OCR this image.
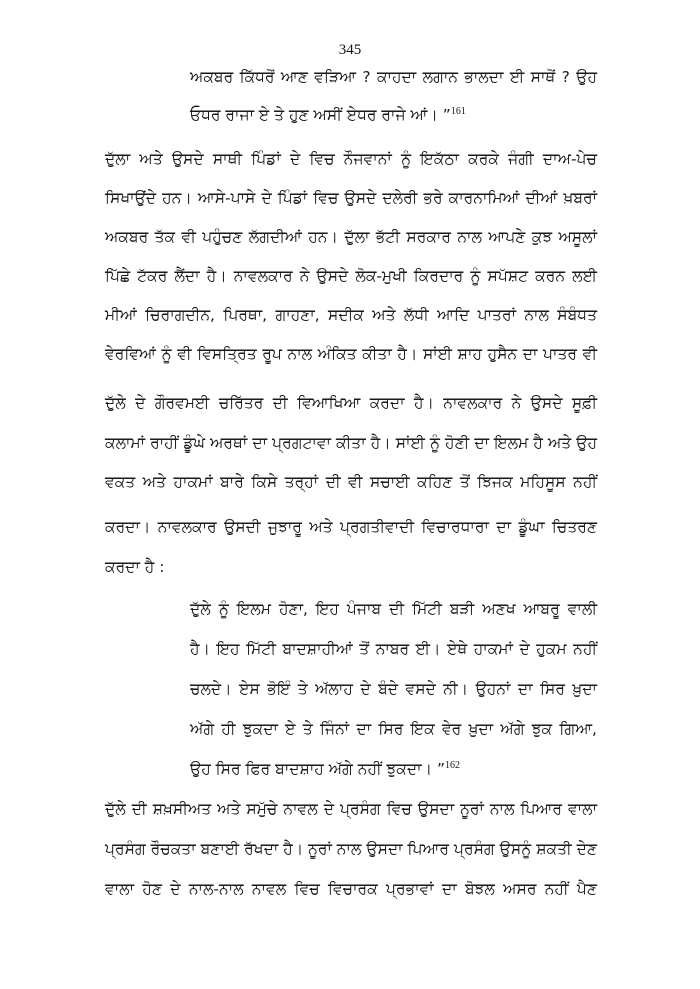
345
ਅਕਬਰ ਕਿੱਧਰੋਂ ਆਣ ਵੜਿਆ ? ਕਾਹਦਾ ਲਗਾਨ ਭਾਲਦਾ ਈ ਸਾਥੋਂ ? ਉਹ
ਓਧਰ ਰਾਜਾ ਏ ਤੇ ਹੁਣ ਅਸੀਂ ਏਧਰ ਰਾਜੇ ਆਂ। ”$^{161}$
ਦੁੱਲਾ ਅਤੇ ਉਸਦੇ ਸਾਥੀ ਪਿੰਡਾਂ ਦੇ ਵਿਚ ਨੌਜਵਾਨਾਂ ਨੂੰ ਇਕੱਠਾ ਕਰਕੇ ਜੰਗੀ ਦਾਅ-ਪੇਚ
ਸਿਖਾਉਂਦੇ ਹਨ। ਆਸੇ-ਪਾਸੇ ਦੇ ਪਿੰਡਾਂ ਵਿਚ ਉਸਦੇ ਦਲੇਰੀ ਭਰੇ ਕਾਰਨਾਮਿਆਂ ਦੀਆਂ ਖ਼ਬਰਾਂ
ਅਕਬਰ ਤੱਕ ਵੀ ਪਹੁੰਚਣ ਲੱਗਦੀਆਂ ਹਨ। ਦੁੱਲਾ ਭੱਟੀ ਸਰਕਾਰ ਨਾਲ ਆਪਣੇ ਕੁਝ ਅਸੂਲਾਂ
ਪਿੱਛੇ ਟੱਕਰ ਲੈਂਦਾ ਹੈ। ਨਾਵਲਕਾਰ ਨੇ ਉਸਦੇ ਲੋਕ-ਮੁਖੀ ਕਿਰਦਾਰ ਨੂੰ ਸਪੱਸ਼ਟ ਕਰਨ ਲਈ
ਮੀਆਂ ਚਿਰਾਗਦੀਨ, ਪਿਰਥਾ, ਗਾਹਣਾ, ਸਦੀਕ ਅਤੇ ਲੱਧੀ ਆਦਿ ਪਾਤਰਾਂ ਨਾਲ ਸੰਬੰਧਤ
ਵੇਰਵਿਆਂ ਨੂੰ ਵੀ ਵਿਸਤ੍ਰਿਤ ਰੂਪ ਨਾਲ ਅੰਕਿਤ ਕੀਤਾ ਹੈ। ਸਾਂਈ ਸ਼ਾਹ ਹੁਸੈਨ ਦਾ ਪਾਤਰ ਵੀ
ਦੁੱਲੇ ਦੇ ਗੌਰਵਮਈ ਚਰਿੱਤਰ ਦੀ ਵਿਆਖਿਆ ਕਰਦਾ ਹੈ। ਨਾਵਲਕਾਰ ਨੇ ਉਸਦੇ ਸੂਫ਼ੀ
ਕਲਾਮਾਂ ਰਾਹੀਂ ਡੂੰਘੇ ਅਰਥਾਂ ਦਾ ਪ੍ਰਗਟਾਵਾ ਕੀਤਾ ਹੈ। ਸਾਂਈ ਨੂੰ ਹੋਣੀ ਦਾ ਇਲਮ ਹੈ ਅਤੇ ਉਹ
ਵਕਤ ਅਤੇ ਹਾਕਮਾਂ ਬਾਰੇ ਕਿਸੇ ਤਰ੍ਹਾਂ ਦੀ ਵੀ ਸਚਾਈ ਕਹਿਣ ਤੋਂ ਝਿਜਕ ਮਹਿਸੂਸ ਨਹੀਂ
ਕਰਦਾ। ਨਾਵਲਕਾਰ ਉਸਦੀ ਜੁਝਾਰੂ ਅਤੇ ਪ੍ਰਗਤੀਵਾਦੀ ਵਿਚਾਰਧਾਰਾ ਦਾ ਡੂੰਘਾ ਚਿਤਰਣ
ਕਰਦਾ ਹੈ :
ਦੁੱਲੇ ਨੂੰ ਇਲਮ ਹੋਣਾ, ਇਹ ਪੰਜਾਬ ਦੀ ਮਿੱਟੀ ਬੜੀ ਅਣਖ ਆਬਰੂ ਵਾਲੀ
ਹੈ। ਇਹ ਮਿੱਟੀ ਬਾਦਸ਼ਾਹੀਆਂ ਤੋਂ ਨਾਬਰ ਈ। ਏਥੇ ਹਾਕਮਾਂ ਦੇ ਹੁਕਮ ਨਹੀਂ
ਚਲਦੇ। ਏਸ ਭੋਇੰ ਤੇ ਅੱਲਾਹ ਦੇ ਬੰਦੇ ਵਸਦੇ ਨੀ। ਉਹਨਾਂ ਦਾ ਸਿਰ ਖ਼ੁਦਾ
ਅੱਗੇ ਹੀ ਝੁਕਦਾ ਏ ਤੇ ਜਿੰਨਾਂ ਦਾ ਸਿਰ ਇਕ ਵੇਰ ਖ਼ੁਦਾ ਅੱਗੇ ਝੁਕ ਗਿਆ,
ਉਹ ਸਿਰ ਫਿਰ ਬਾਦਸ਼ਾਹ ਅੱਗੇ ਨਹੀਂ ਝੁਕਦਾ। ”$^{162}$
ਦੁੱਲੇ ਦੀ ਸ਼ਖ਼ਸੀਅਤ ਅਤੇ ਸਮੁੱਚੇ ਨਾਵਲ ਦੇ ਪ੍ਰਸੰਗ ਵਿਚ ਉਸਦਾ ਨੂਰਾਂ ਨਾਲ ਪਿਆਰ ਵਾਲਾ
ਪ੍ਰਸੰਗ ਰੌਚਕਤਾ ਬਣਾਈ ਰੱਖਦਾ ਹੈ। ਨੂਰਾਂ ਨਾਲ ਉਸਦਾ ਪਿਆਰ ਪ੍ਰਸੰਗ ਉਸਨੂੰ ਸ਼ਕਤੀ ਦੇਣ
ਵਾਲਾ ਹੋਣ ਦੇ ਨਾਲ-ਨਾਲ ਨਾਵਲ ਵਿਚ ਵਿਚਾਰਕ ਪ੍ਰਭਾਵਾਂ ਦਾ ਬੋਝਲ ਅਸਰ ਨਹੀਂ ਪੈਣ
